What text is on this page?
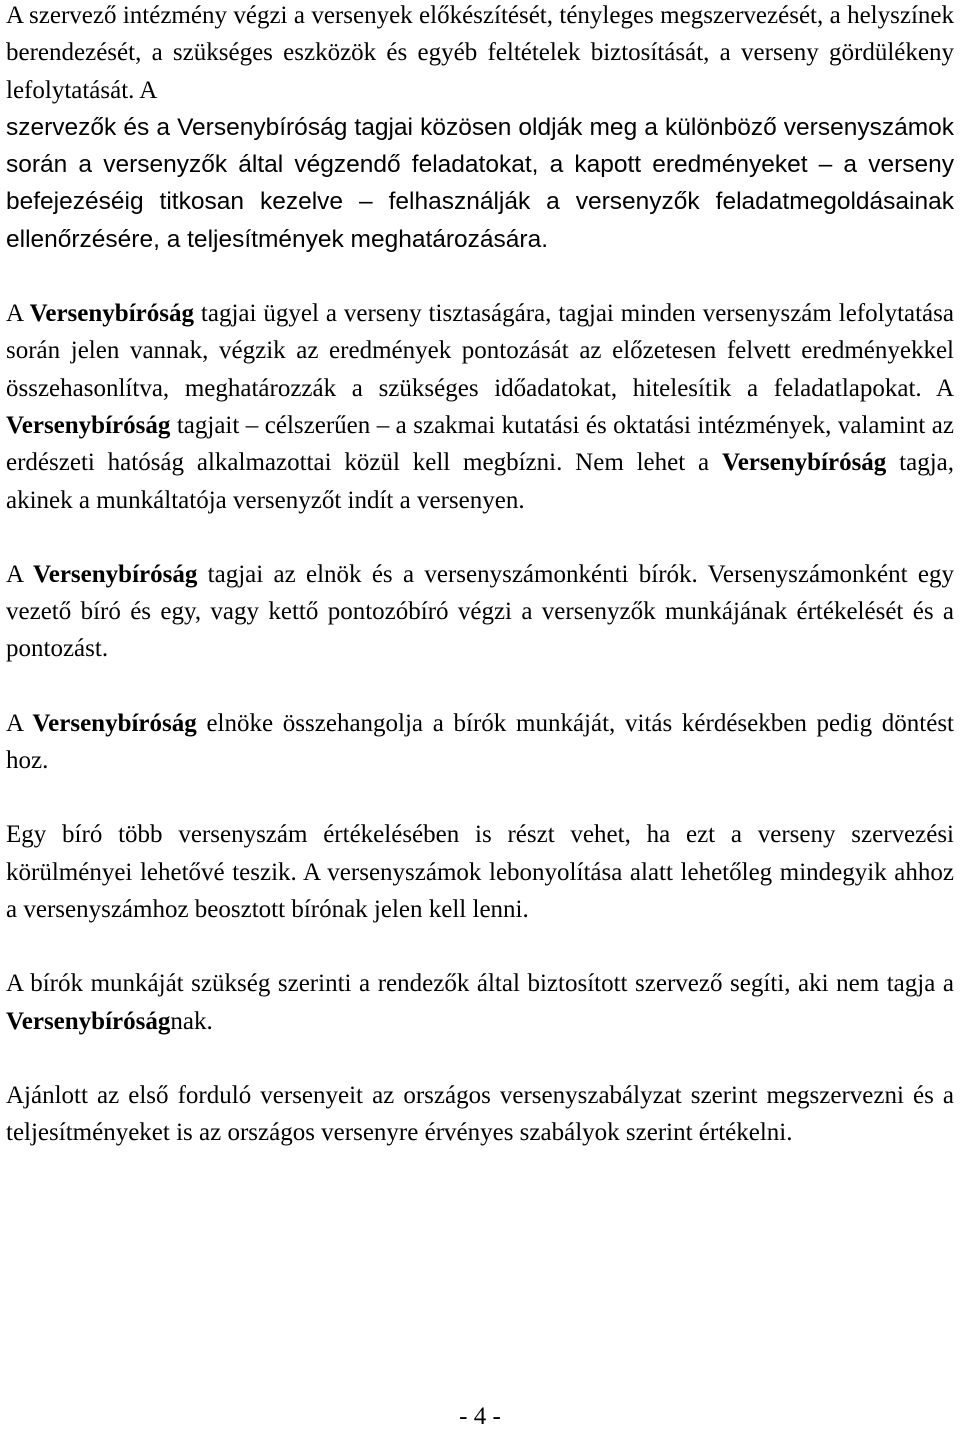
A szervező intézmény végzi a versenyek előkészítését, tényleges megszervezését, a helyszínek berendezését, a szükséges eszközök és egyéb feltételek biztosítását, a verseny gördülékeny lefolytatását. A

szervezők és a Versenybíróság tagjai közösen oldják meg a különböző versenyszámok során a versenyzők által végzendő feladatokat, a kapott eredményeket – a verseny befejezéséig titkosan kezelve – felhasználják a versenyzők feladatmegoldásainak ellenőrzésére, a teljesítmények meghatározására.

A Versenybíróság tagjai ügyel a verseny tisztaságára, tagjai minden versenyszám lefolytatása során jelen vannak, végzik az eredmények pontozását az előzetesen felvett eredményekkel összehasonlítva, meghatározzák a szükséges időadatokat, hitelesítik a feladatlapokat. A Versenybíróság tagjait – célszerűen – a szakmai kutatási és oktatási intézmények, valamint az erdészeti hatóság alkalmazottai közül kell megbízni. Nem lehet a Versenybíróság tagja, akinek a munkáltatója versenyzőt indít a versenyen.

A Versenybíróság tagjai az elnök és a versenyszámonkénti bírók. Versenyszámonként egy vezető bíró és egy, vagy kettő pontozóbíró végzi a versenyzők munkájának értékelését és a pontozást.

A Versenybíróság elnöke összehangolja a bírók munkáját, vitás kérdésekben pedig döntést hoz.

Egy bíró több versenyszám értékelésében is részt vehet, ha ezt a verseny szervezési körülményei lehetővé teszik. A versenyszámok lebonyolítása alatt lehetőleg mindegyik ahhoz a versenyszámhoz beosztott bírónak jelen kell lenni.

A bírók munkáját szükség szerinti a rendezők által biztosított szervező segíti, aki nem tagja a Versenybíróságnak.

Ajánlott az első forduló versenyeit az országos versenyszabályzat szerint megszervezni és a teljesítményeket is az országos versenyre érvényes szabályok szerint értékelni.

- 4 -
